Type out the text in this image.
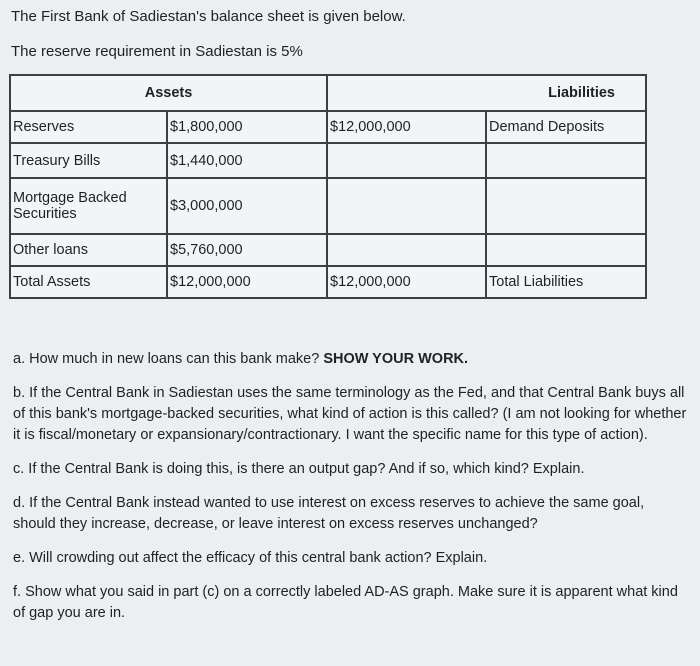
The First Bank of Sadiestan's balance sheet is given below.
The reserve requirement in Sadiestan is 5%
Assets		Liabilities	
Reserves	$1,800,000	$12,000,000	Demand Deposits
Treasury Bills	$1,440,000		
Mortgage Backed Securities	$3,000,000		
Other loans	$5,760,000		
Total Assets	$12,000,000	$12,000,000	Total Liabilities
a. How much in new loans can this bank make? SHOW YOUR WORK.
b. If the Central Bank in Sadiestan uses the same terminology as the Fed, and that Central Bank buys all of this bank's mortgage-backed securities, what kind of action is this called? (I am not looking for whether it is fiscal/monetary or expansionary/contractionary. I want the specific name for this type of action).
c. If the Central Bank is doing this, is there an output gap? And if so, which kind? Explain.
d. If the Central Bank instead wanted to use interest on excess reserves to achieve the same goal, should they increase, decrease, or leave interest on excess reserves unchanged?
e. Will crowding out affect the efficacy of this central bank action? Explain.
f. Show what you said in part (c) on a correctly labeled AD-AS graph. Make sure it is apparent what kind of gap you are in.
